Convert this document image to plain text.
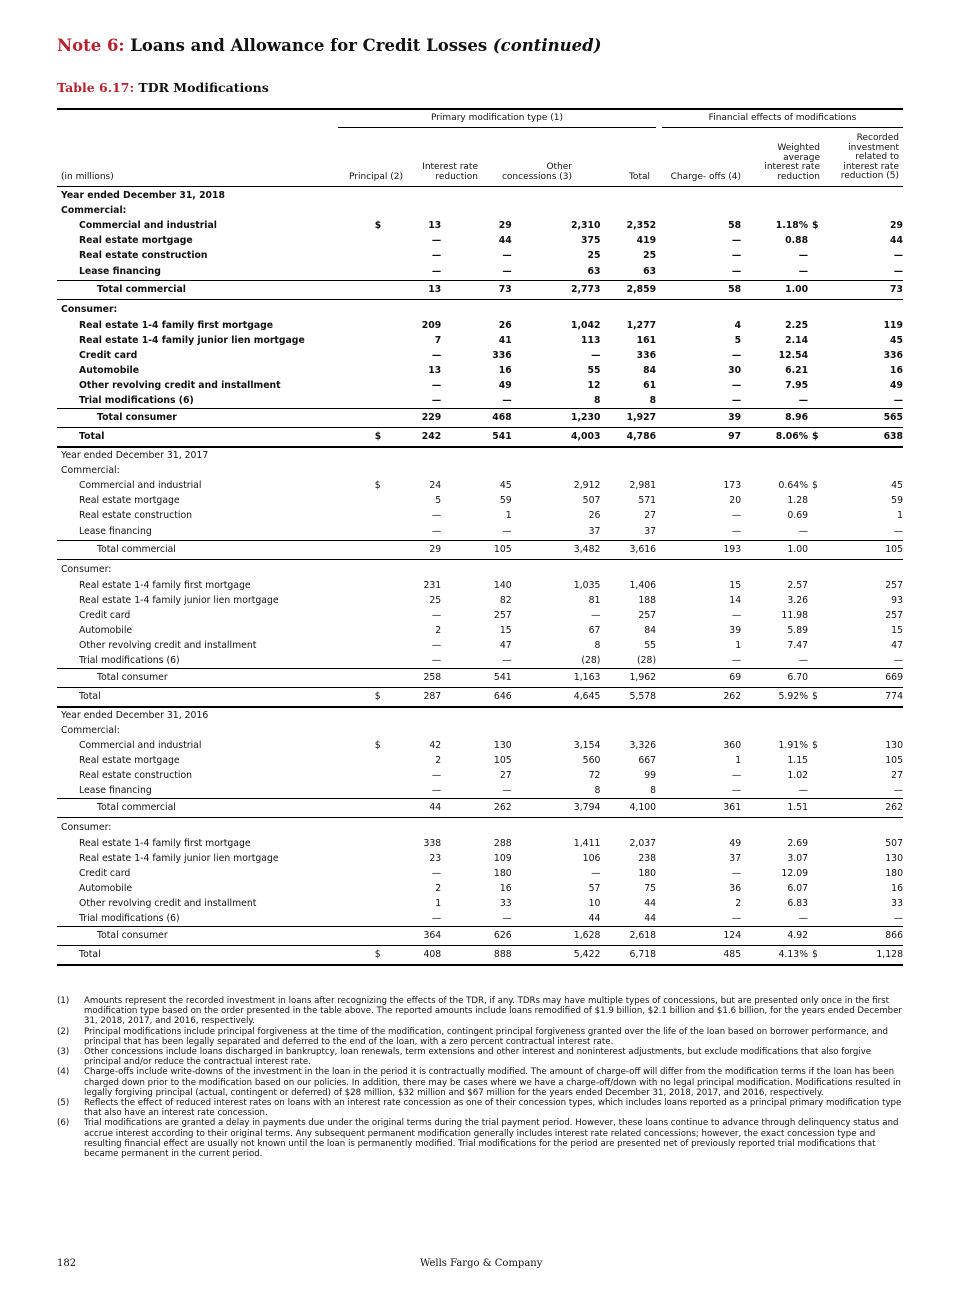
Note 6: Loans and Allowance for Credit Losses (continued)
Table 6.17: TDR Modifications
Primary modification type (1)	Financial effects of modifications
(in millions)	Principal (2)
Interest rate
reduction
Other
concessions (3)	Total	Charge- offs (4)
Weighted
average
interest rate
reduction
Recorded
investment
related to
interest rate
reduction (5)
Year ended December 31, 2018									
Commercial:									
Commercial and industrial	$	13	29	2,310	2,352	58	1.18%	$	29
Real estate mortgage		—	44	375	419	—	0.88		44
Real estate construction		—	—	25	25	—	—		—
Lease financing		—	—	63	63	—	—		—
Total commercial		13	73	2,773	2,859	58	1.00		73
Consumer:									
Real estate 1-4 family first mortgage		209	26	1,042	1,277	4	2.25		119
Real estate 1-4 family junior lien mortgage		7	41	113	161	5	2.14		45
Credit card		—	336	—	336	—	12.54		336
Automobile		13	16	55	84	30	6.21		16
Other revolving credit and installment		—	49	12	61	—	7.95		49
Trial modifications (6)		—	—	8	8	—	—		—
Total consumer		229	468	1,230	1,927	39	8.96		565
Total	$	242	541	4,003	4,786	97	8.06%	$	638
Year ended December 31, 2017									
Commercial:									
Commercial and industrial	$	24	45	2,912	2,981	173	0.64%	$	45
Real estate mortgage		5	59	507	571	20	1.28		59
Real estate construction		—	1	26	27	—	0.69		1
Lease financing		—	—	37	37	—	—		—
Total commercial		29	105	3,482	3,616	193	1.00		105
Consumer:									
Real estate 1-4 family first mortgage		231	140	1,035	1,406	15	2.57		257
Real estate 1-4 family junior lien mortgage		25	82	81	188	14	3.26		93
Credit card		—	257	—	257	—	11.98		257
Automobile		2	15	67	84	39	5.89		15
Other revolving credit and installment		—	47	8	55	1	7.47		47
Trial modifications (6)		—	—	(28)	(28)	—	—		—
Total consumer		258	541	1,163	1,962	69	6.70		669
Total	$	287	646	4,645	5,578	262	5.92%	$	774
Year ended December 31, 2016									
Commercial:									
Commercial and industrial	$	42	130	3,154	3,326	360	1.91%	$	130
Real estate mortgage		2	105	560	667	1	1.15		105
Real estate construction		—	27	72	99	—	1.02		27
Lease financing		—	—	8	8	—	—		—
Total commercial		44	262	3,794	4,100	361	1.51		262
Consumer:									
Real estate 1-4 family first mortgage		338	288	1,411	2,037	49	2.69		507
Real estate 1-4 family junior lien mortgage		23	109	106	238	37	3.07		130
Credit card		—	180	—	180	—	12.09		180
Automobile		2	16	57	75	36	6.07		16
Other revolving credit and installment		1	33	10	44	2	6.83		33
Trial modifications (6)		—	—	44	44	—	—		—
Total consumer		364	626	1,628	2,618	124	4.92		866
Total	$	408	888	5,422	6,718	485	4.13%	$	1,128
(1)	Amounts represent the recorded investment in loans after recognizing the effects of the TDR, if any. TDRs may have multiple types of concessions, but are presented only once in the first modification type based on the order presented in the table above. The reported amounts include loans remodified of $1.9 billion, $2.1 billion and $1.6 billion, for the years ended December 31, 2018, 2017, and 2016, respectively.
(2)	Principal modifications include principal forgiveness at the time of the modification, contingent principal forgiveness granted over the life of the loan based on borrower performance, and principal that has been legally separated and deferred to the end of the loan, with a zero percent contractual interest rate.
(3)	Other concessions include loans discharged in bankruptcy, loan renewals, term extensions and other interest and noninterest adjustments, but exclude modifications that also forgive principal and/or reduce the contractual interest rate.
(4)	Charge-offs include write-downs of the investment in the loan in the period it is contractually modified. The amount of charge-off will differ from the modification terms if the loan has been charged down prior to the modification based on our policies. In addition, there may be cases where we have a charge-off/down with no legal principal modification. Modifications resulted in legally forgiving principal (actual, contingent or deferred) of $28 million, $32 million and $67 million for the years ended December 31, 2018, 2017, and 2016, respectively.
(5)	Reflects the effect of reduced interest rates on loans with an interest rate concession as one of their concession types, which includes loans reported as a principal primary modification type that also have an interest rate concession.
(6)	Trial modifications are granted a delay in payments due under the original terms during the trial payment period. However, these loans continue to advance through delinquency status and accrue interest according to their original terms. Any subsequent permanent modification generally includes interest rate related concessions; however, the exact concession type and resulting financial effect are usually not known until the loan is permanently modified. Trial modifications for the period are presented net of previously reported trial modifications that became permanent in the current period.
182	Wells Fargo & Company
